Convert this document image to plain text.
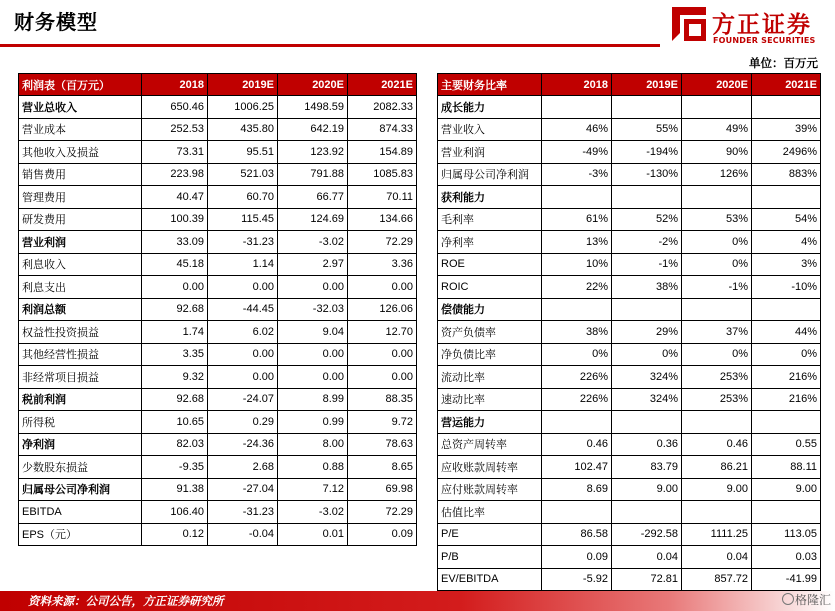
财务模型	方正证券
FOUNDER SECURITIES
单位：百万元
利润表（百万元）	2018	2019E	2020E	2021E
营业总收入	650.46	1006.25	1498.59	2082.33
营业成本	252.53	435.80	642.19	874.33
其他收入及损益	73.31	95.51	123.92	154.89
销售费用	223.98	521.03	791.88	1085.83
管理费用	40.47	60.70	66.77	70.11
研发费用	100.39	115.45	124.69	134.66
营业利润	33.09	-31.23	-3.02	72.29
利息收入	45.18	1.14	2.97	3.36
利息支出	0.00	0.00	0.00	0.00
利润总额	92.68	-44.45	-32.03	126.06
权益性投资损益	1.74	6.02	9.04	12.70
其他经营性损益	3.35	0.00	0.00	0.00
非经常项目损益	9.32	0.00	0.00	0.00
税前利润	92.68	-24.07	8.99	88.35
所得税	10.65	0.29	0.99	9.72
净利润	82.03	-24.36	8.00	78.63
少数股东损益	-9.35	2.68	0.88	8.65
归属母公司净利润	91.38	-27.04	7.12	69.98
EBITDA	106.40	-31.23	-3.02	72.29
EPS（元）	0.12	-0.04	0.01	0.09
主要财务比率	2018	2019E	2020E	2021E
成长能力				
营业收入	46%	55%	49%	39%
营业利润	-49%	-194%	90%	2496%
归属母公司净利润	-3%	-130%	126%	883%
获利能力				
毛利率	61%	52%	53%	54%
净利率	13%	-2%	0%	4%
ROE	10%	-1%	0%	3%
ROIC	22%	38%	-1%	-10%
偿债能力				
资产负债率	38%	29%	37%	44%
净负债比率	0%	0%	0%	0%
流动比率	226%	324%	253%	216%
速动比率	226%	324%	253%	216%
营运能力				
总资产周转率	0.46	0.36	0.46	0.55
应收账款周转率	102.47	83.79	86.21	88.11
应付账款周转率	8.69	9.00	9.00	9.00
估值比率				
P/E	86.58	-292.58	1111.25	113.05
P/B	0.09	0.04	0.04	0.03
EV/EBITDA	-5.92	72.81	857.72	-41.99
资料来源：公司公告，方正证券研究所	格隆汇
